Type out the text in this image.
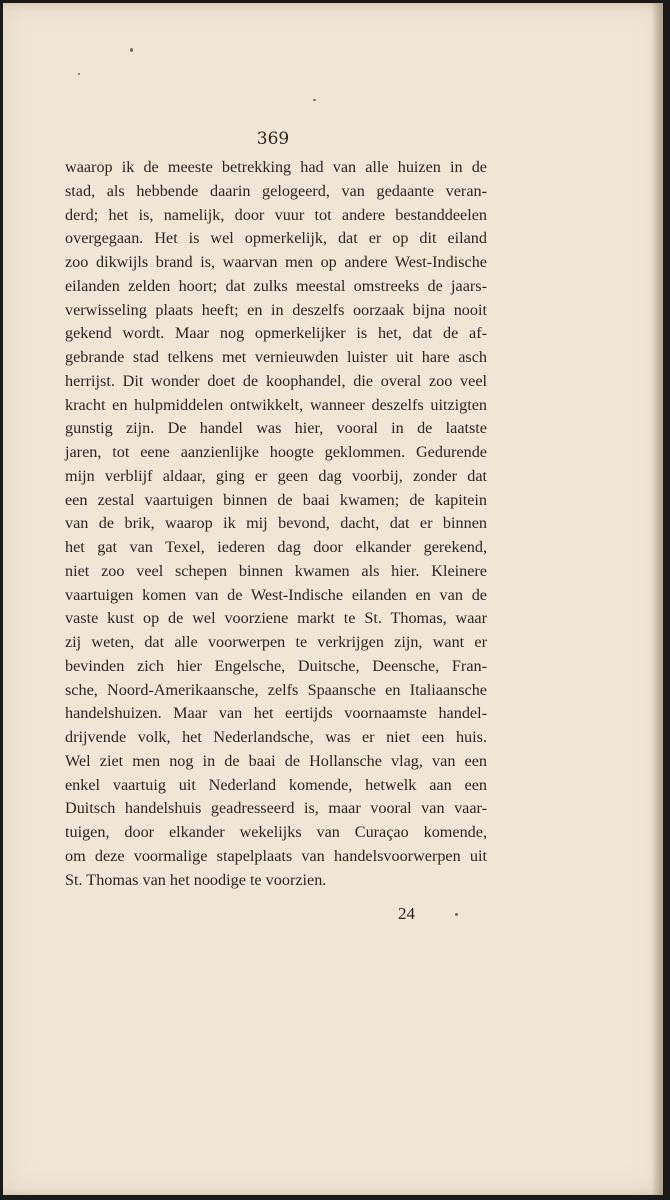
369
waarop ik de meeste betrekking had van alle huizen in de
stad, als hebbende daarin gelogeerd, van gedaante veran-
derd; het is, namelijk, door vuur tot andere bestanddeelen
overgegaan. Het is wel opmerkelijk, dat er op dit eiland
zoo dikwijls brand is, waarvan men op andere West-Indische
eilanden zelden hoort; dat zulks meestal omstreeks de jaars-
verwisseling plaats heeft; en in deszelfs oorzaak bijna nooit
gekend wordt. Maar nog opmerkelijker is het, dat de af-
gebrande stad telkens met vernieuwden luister uit hare asch
herrijst. Dit wonder doet de koophandel, die overal zoo veel
kracht en hulpmiddelen ontwikkelt, wanneer deszelfs uitzigten
gunstig zijn. De handel was hier, vooral in de laatste
jaren, tot eene aanzienlijke hoogte geklommen. Gedurende
mijn verblijf aldaar, ging er geen dag voorbij, zonder dat
een zestal vaartuigen binnen de baai kwamen; de kapitein
van de brik, waarop ik mij bevond, dacht, dat er binnen
het gat van Texel, iederen dag door elkander gerekend,
niet zoo veel schepen binnen kwamen als hier. Kleinere
vaartuigen komen van de West-Indische eilanden en van de
vaste kust op de wel voorziene markt te St. Thomas, waar
zij weten, dat alle voorwerpen te verkrijgen zijn, want er
bevinden zich hier Engelsche, Duitsche, Deensche, Fran-
sche, Noord-Amerikaansche, zelfs Spaansche en Italiaansche
handelshuizen. Maar van het eertijds voornaamste handel-
drijvende volk, het Nederlandsche, was er niet een huis.
Wel ziet men nog in de baai de Hollansche vlag, van een
enkel vaartuig uit Nederland komende, hetwelk aan een
Duitsch handelshuis geadresseerd is, maar vooral van vaar-
tuigen, door elkander wekelijks van Curaçao komende,
om deze voormalige stapelplaats van handelsvoorwerpen uit
St. Thomas van het noodige te voorzien.
24
